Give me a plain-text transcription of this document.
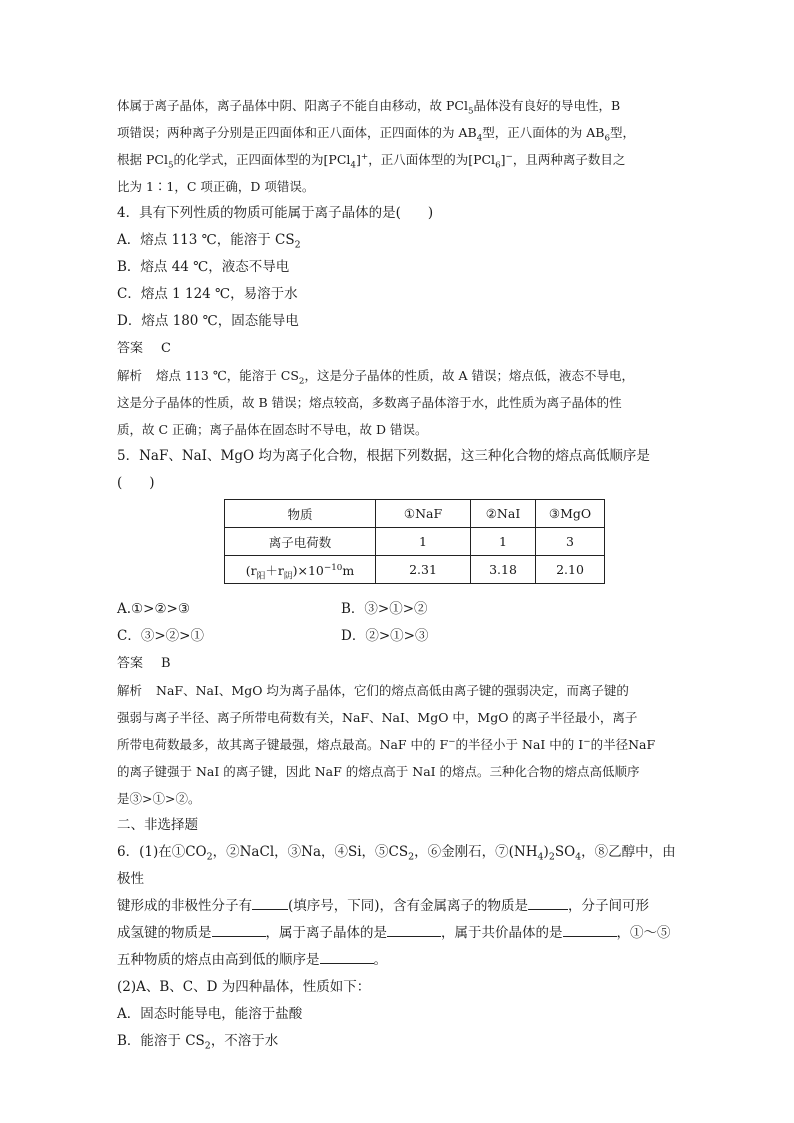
体属于离子晶体，离子晶体中阴、阳离子不能自由移动，故 PCl$_5$晶体没有良好的导电性，B

项错误；两种离子分别是正四面体和正八面体，正四面体的为 $AB_4$型，正八面体的为 $AB_6$型，

根据 PCl$_5$的化学式，正四面体型的为[PCl$_4$]+，正八面体型的为[PCl$_6$]−，且两种离子数目之

比为 1∶1，C 项正确，D 项错误。

4．具有下列性质的物质可能属于离子晶体的是(　　)

A．熔点 113 ℃，能溶于 $CS_2$

B．熔点 44 ℃，液态不导电

C．熔点 1 124 ℃，易溶于水

D．熔点 180 ℃，固态能导电

答案 C

解析 熔点 113 ℃，能溶于 $CS_2$，这是分子晶体的性质，故 A 错误；熔点低，液态不导电，

这是分子晶体的性质，故 B 错误；熔点较高，多数离子晶体溶于水，此性质为离子晶体的性

质，故 C 正确；离子晶体在固态时不导电，故 D 错误。

5．NaF、NaI、MgO 均为离子化合物，根据下列数据，这三种化合物的熔点高低顺序是(　　)

物质	①NaF	②NaI	③MgO
离子电荷数	1	1	3
$(r_阳+r_阴)\times 10^{-10}m$	2.31	3.18	2.10
A.①>②>③	B．③>①>②
C．③>②>①	D．②>①>③

答案 B

解析 NaF、NaI、MgO 均为离子晶体，它们的熔点高低由离子键的强弱决定，而离子键的

强弱与离子半径、离子所带电荷数有关，NaF、NaI、MgO 中，MgO 的离子半径最小，离子

所带电荷数最多，故其离子键最强，熔点最高。NaF 中的 F−的半径小于 NaI 中的 I−的半径NaF

的离子键强于 NaI 的离子键，因此 NaF 的熔点高于 NaI 的熔点。三种化合物的熔点高低顺序

是③>①>②。

二、非选择题

6．(1)在$①CO_2$，②NaCl，③Na，④Si，$⑤CS_2$，⑥金刚石，$⑦(NH_4)_2SO_4$，⑧乙醇中，由极性

键形成的非极性分子有	(填序号，下同)，含有金属离子的物质是	，分子间可形

成氢键的物质是	，属于离子晶体的是	，属于共价晶体的是	，①～⑤

五种物质的熔点由高到低的顺序是	。

(2)A、B、C、D 为四种晶体，性质如下：

A．固态时能导电，能溶于盐酸

B．能溶于 $CS_2$，不溶于水
